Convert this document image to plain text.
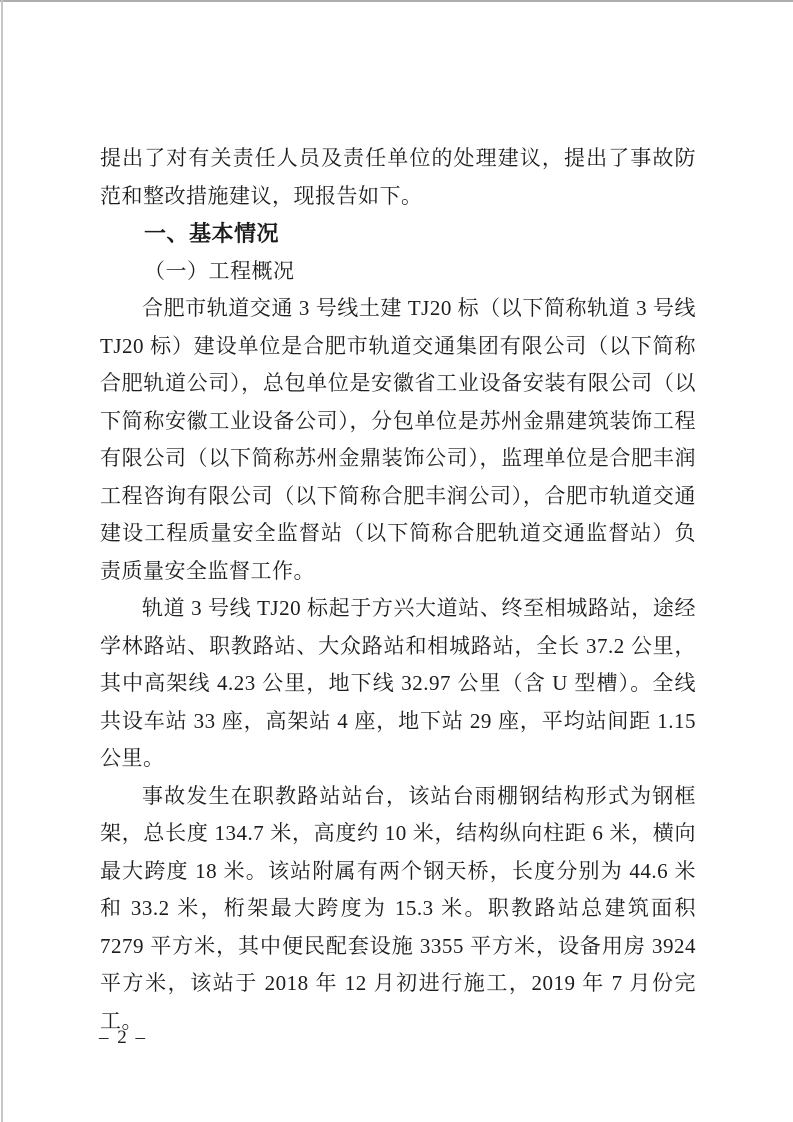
提出了对有关责任人员及责任单位的处理建议，提出了事故防范和整改措施建议，现报告如下。

一、基本情况
（一）工程概况

合肥市轨道交通 3 号线土建 TJ20 标（以下简称轨道 3 号线 TJ20 标）建设单位是合肥市轨道交通集团有限公司（以下简称合肥轨道公司），总包单位是安徽省工业设备安装有限公司（以下简称安徽工业设备公司），分包单位是苏州金鼎建筑装饰工程有限公司（以下简称苏州金鼎装饰公司），监理单位是合肥丰润工程咨询有限公司（以下简称合肥丰润公司），合肥市轨道交通建设工程质量安全监督站（以下简称合肥轨道交通监督站）负责质量安全监督工作。

轨道 3 号线 TJ20 标起于方兴大道站、终至相城路站，途经学林路站、职教路站、大众路站和相城路站，全长 37.2 公里，其中高架线 4.23 公里，地下线 32.97 公里（含 U 型槽）。全线共设车站 33 座，高架站 4 座，地下站 29 座，平均站间距 1.15 公里。

事故发生在职教路站站台，该站台雨棚钢结构形式为钢框架，总长度 134.7 米，高度约 10 米，结构纵向柱距 6 米，横向最大跨度 18 米。该站附属有两个钢天桥，长度分别为 44.6 米和 33.2 米，桁架最大跨度为 15.3 米。职教路站总建筑面积 7279 平方米，其中便民配套设施 3355 平方米，设备用房 3924 平方米，该站于 2018 年 12 月初进行施工，2019 年 7 月份完工。

– 2 –
